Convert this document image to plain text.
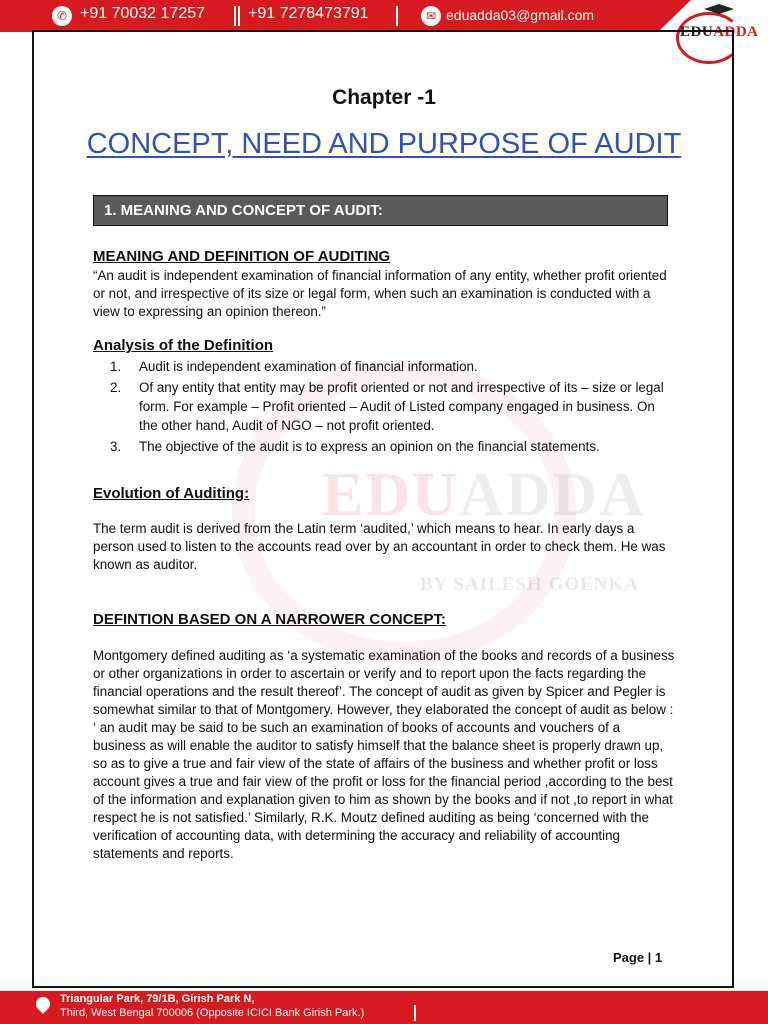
✆ +91 70032 17257	+91 7278473791	✉ eduadda03@gmail.com
EDUADDA
EDUADDA
BY SAILESH GOENKA
Chapter -1
CONCEPT, NEED AND PURPOSE OF AUDIT
1. MEANING AND CONCEPT OF AUDIT:
MEANING AND DEFINITION OF AUDITING
“An audit is independent examination of financial information of any entity, whether profit oriented or not, and irrespective of its size or legal form, when such an examination is conducted with a view to expressing an opinion thereon.”
Analysis of the Definition
1. Audit is independent examination of financial information.
2. Of any entity that entity may be profit oriented or not and irrespective of its – size or legal form. For example – Profit oriented – Audit of Listed company engaged in business. On the other hand, Audit of NGO – not profit oriented.
3. The objective of the audit is to express an opinion on the financial statements.
Evolution of Auditing:
The term audit is derived from the Latin term ‘audited,’ which means to hear. In early days a person used to listen to the accounts read over by an accountant in order to check them. He was known as auditor.
DEFINTION BASED ON A NARROWER CONCEPT:
Montgomery defined auditing as ‘a systematic examination of the books and records of a business or other organizations in order to ascertain or verify and to report upon the facts regarding the financial operations and the result thereof’. The concept of audit as given by Spicer and Pegler is somewhat similar to that of Montgomery. However, they elaborated the concept of audit as below : ‘ an audit may be said to be such an examination of books of accounts and vouchers of a business as will enable the auditor to satisfy himself that the balance sheet is properly drawn up, so as to give a true and fair view of the state of affairs of the business and whether profit or loss account gives a true and fair view of the profit or loss for the financial period ,according to the best of the information and explanation given to him as shown by the books and if not ,to report in what respect he is not satisfied.’ Similarly, R.K. Moutz defined auditing as being ‘concerned with the verification of accounting data, with determining the accuracy and reliability of accounting statements and reports.
Page | 1
Triangular Park, 79/1B, Girish Park N,
Third, West Bengal 700006 (Opposite ICICI Bank Girish Park.)
